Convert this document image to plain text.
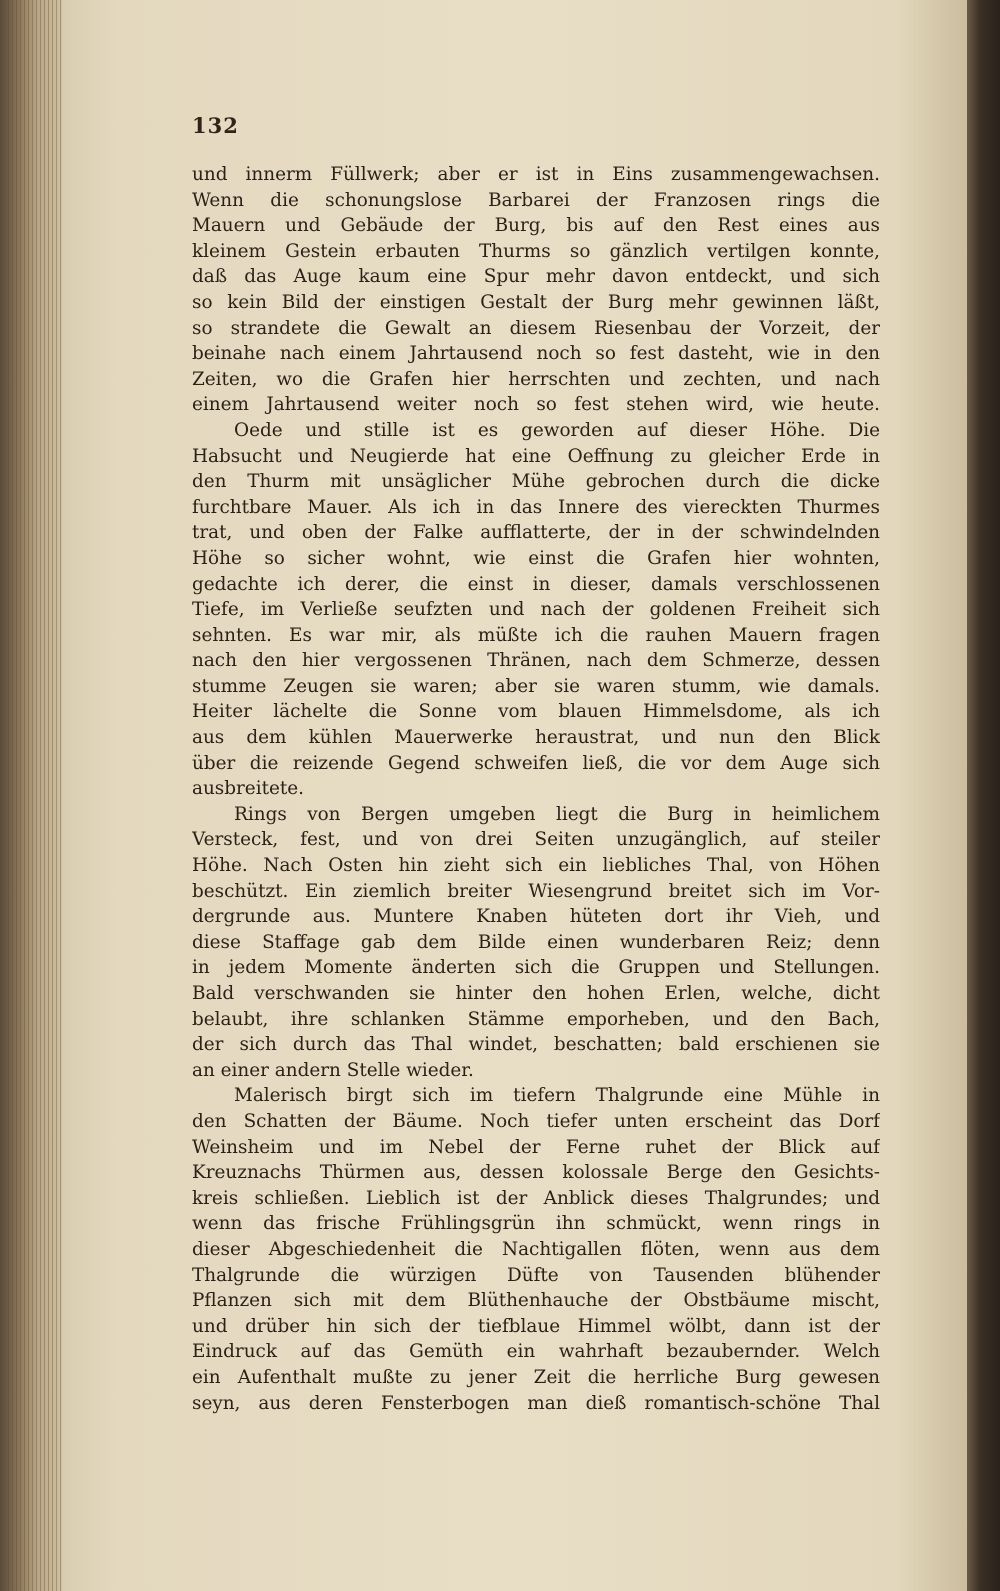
132
und innerm Füllwerk; aber er ist in Eins zusammengewachsen.
Wenn die schonungslose Barbarei der Franzosen rings die
Mauern und Gebäude der Burg, bis auf den Rest eines aus
kleinem Gestein erbauten Thurms so gänzlich vertilgen konnte,
daß das Auge kaum eine Spur mehr davon entdeckt, und sich
so kein Bild der einstigen Gestalt der Burg mehr gewinnen läßt,
so strandete die Gewalt an diesem Riesenbau der Vorzeit, der
beinahe nach einem Jahrtausend noch so fest dasteht, wie in den
Zeiten, wo die Grafen hier herrschten und zechten, und nach
einem Jahrtausend weiter noch so fest stehen wird, wie heute.
Oede und stille ist es geworden auf dieser Höhe. Die
Habsucht und Neugierde hat eine Oeffnung zu gleicher Erde in
den Thurm mit unsäglicher Mühe gebrochen durch die dicke
furchtbare Mauer. Als ich in das Innere des viereckten Thurmes
trat, und oben der Falke aufflatterte, der in der schwindelnden
Höhe so sicher wohnt, wie einst die Grafen hier wohnten,
gedachte ich derer, die einst in dieser, damals verschlossenen
Tiefe, im Verließe seufzten und nach der goldenen Freiheit sich
sehnten. Es war mir, als müßte ich die rauhen Mauern fragen
nach den hier vergossenen Thränen, nach dem Schmerze, dessen
stumme Zeugen sie waren; aber sie waren stumm, wie damals.
Heiter lächelte die Sonne vom blauen Himmelsdome, als ich
aus dem kühlen Mauerwerke heraustrat, und nun den Blick
über die reizende Gegend schweifen ließ, die vor dem Auge sich
ausbreitete.
Rings von Bergen umgeben liegt die Burg in heimlichem
Versteck, fest, und von drei Seiten unzugänglich, auf steiler
Höhe. Nach Osten hin zieht sich ein liebliches Thal, von Höhen
beschützt. Ein ziemlich breiter Wiesengrund breitet sich im Vor-
dergrunde aus. Muntere Knaben hüteten dort ihr Vieh, und
diese Staffage gab dem Bilde einen wunderbaren Reiz; denn
in jedem Momente änderten sich die Gruppen und Stellungen.
Bald verschwanden sie hinter den hohen Erlen, welche, dicht
belaubt, ihre schlanken Stämme emporheben, und den Bach,
der sich durch das Thal windet, beschatten; bald erschienen sie
an einer andern Stelle wieder.
Malerisch birgt sich im tiefern Thalgrunde eine Mühle in
den Schatten der Bäume. Noch tiefer unten erscheint das Dorf
Weinsheim und im Nebel der Ferne ruhet der Blick auf
Kreuznachs Thürmen aus, dessen kolossale Berge den Gesichts-
kreis schließen. Lieblich ist der Anblick dieses Thalgrundes; und
wenn das frische Frühlingsgrün ihn schmückt, wenn rings in
dieser Abgeschiedenheit die Nachtigallen flöten, wenn aus dem
Thalgrunde die würzigen Düfte von Tausenden blühender
Pflanzen sich mit dem Blüthenhauche der Obstbäume mischt,
und drüber hin sich der tiefblaue Himmel wölbt, dann ist der
Eindruck auf das Gemüth ein wahrhaft bezaubernder. Welch
ein Aufenthalt mußte zu jener Zeit die herrliche Burg gewesen
seyn, aus deren Fensterbogen man dieß romantisch-schöne Thal
